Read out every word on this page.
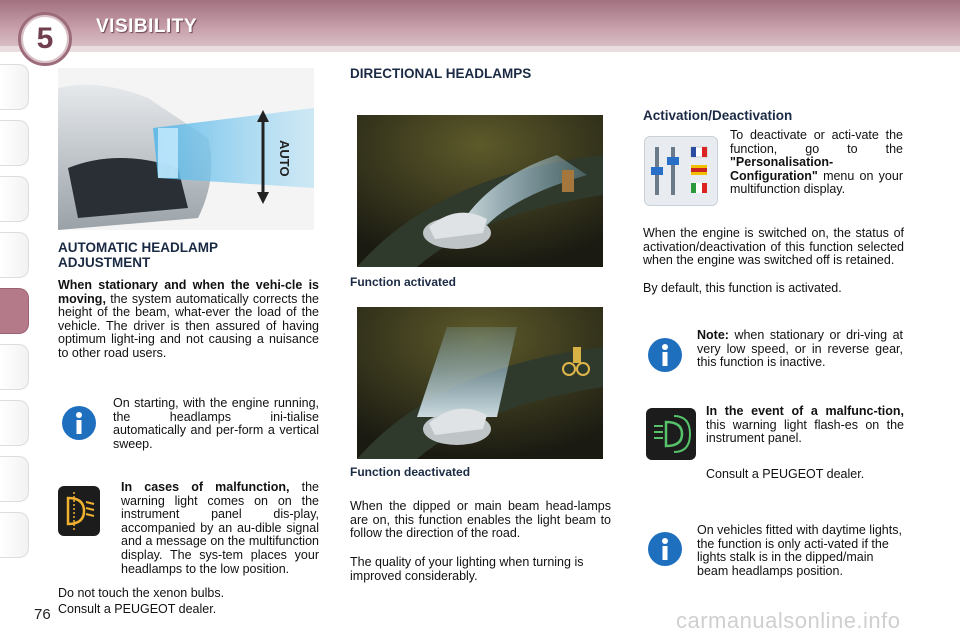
5	VISIBILITY
AUTO
AUTOMATIC HEADLAMP ADJUSTMENT
When stationary and when the vehi-cle is moving, the system automatically corrects the height of the beam, what-ever the load of the vehicle. The driver is then assured of having optimum light-ing and not causing a nuisance to other road users.
On starting, with the engine running, the headlamps ini-tialise automatically and per-form a vertical sweep.
In cases of malfunction, the warning light comes on on the instrument panel dis-play, accompanied by an au-dible signal and a message on the multifunction display. The sys-tem places your headlamps to the low position.
Do not touch the xenon bulbs.
Consult a PEUGEOT dealer.
DIRECTIONAL HEADLAMPS
Function activated
Function deactivated
When the dipped or main beam head-lamps are on, this function enables the light beam to follow the direction of the road.
The quality of your lighting when turning is improved considerably.
Activation/Deactivation
To deactivate or acti-vate the function, go to the "Personalisation-Configuration" menu on your multifunction display.
When the engine is switched on, the status of activation/deactivation of this function selected when the engine was switched off is retained.
By default, this function is activated.
Note: when stationary or dri-ving at very low speed, or in reverse gear, this function is inactive.
In the event of a malfunc-tion, this warning light flash-es on the instrument panel.
Consult a PEUGEOT dealer.
On vehicles fitted with daytime lights, the function is only acti-vated if the lights stalk is in the dipped/main beam headlamps position.
76	carmanualsonline.info
